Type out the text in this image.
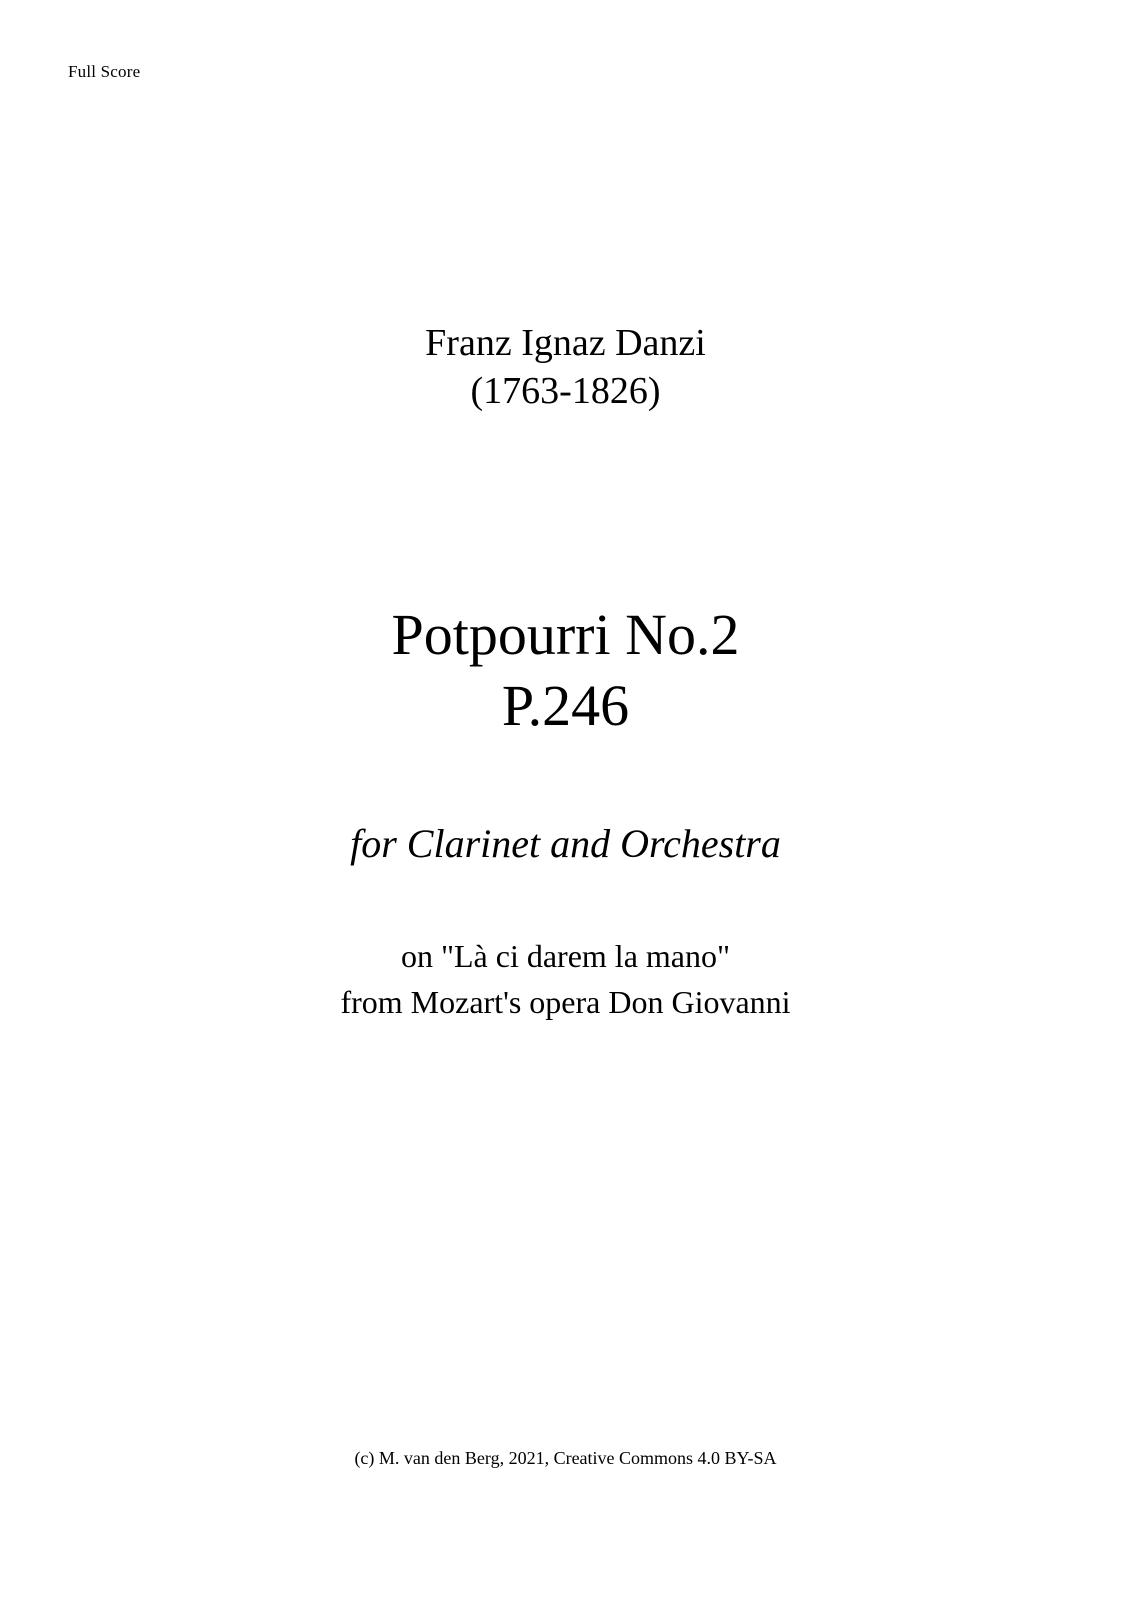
Full Score
Franz Ignaz Danzi
(1763-1826)
Potpourri No.2
P.246
for Clarinet and Orchestra
on "Là ci darem la mano"
from Mozart's opera Don Giovanni
(c) M. van den Berg, 2021, Creative Commons 4.0 BY-SA
